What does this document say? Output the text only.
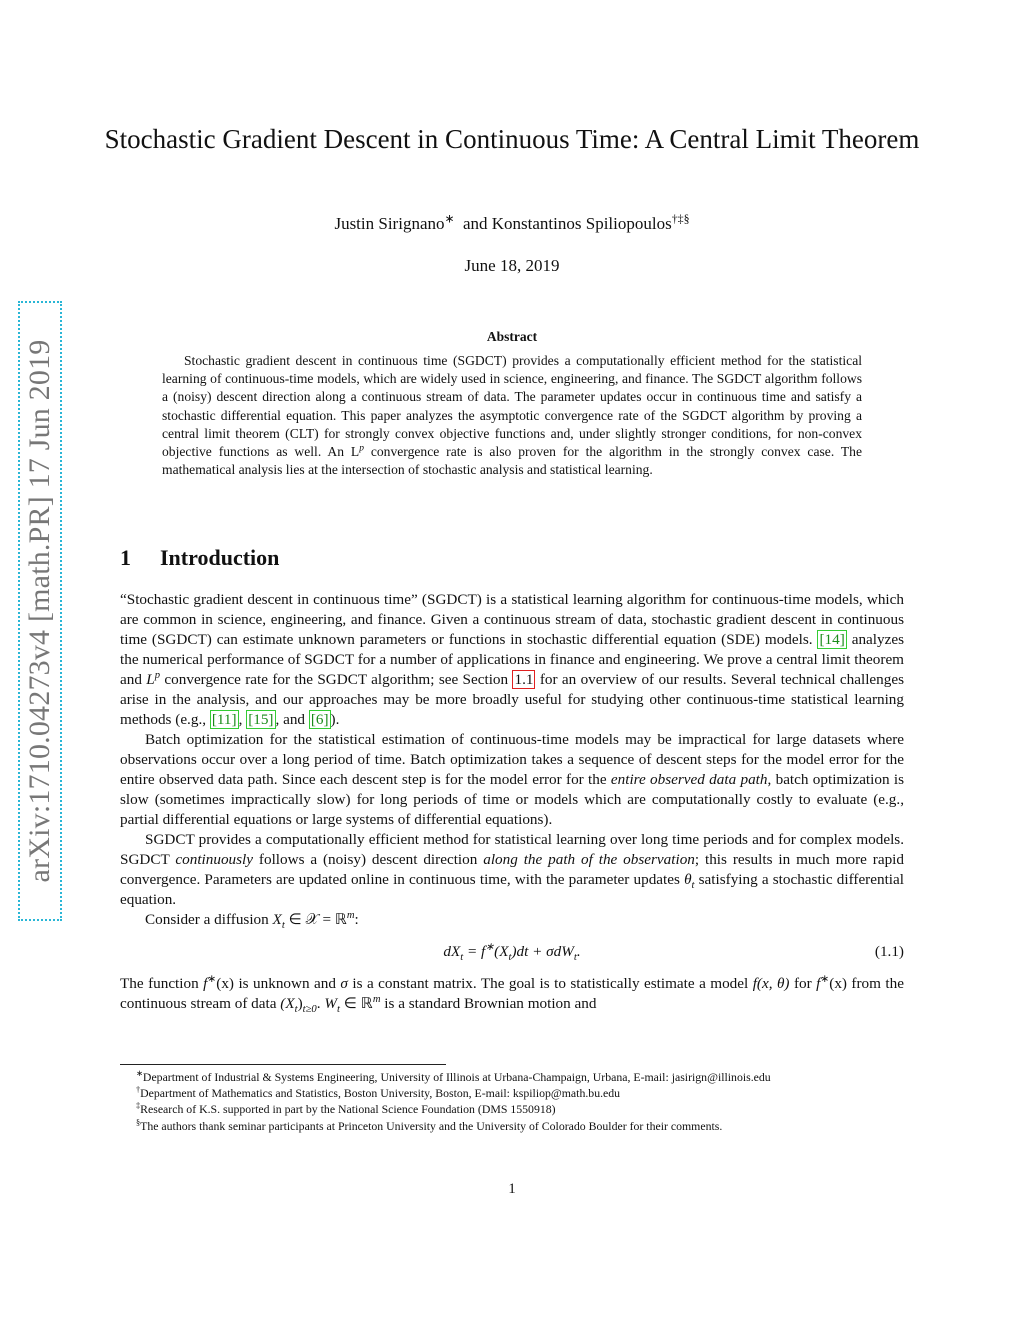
arXiv:1710.04273v4 [math.PR] 17 Jun 2019
Stochastic Gradient Descent in Continuous Time: A Central Limit Theorem
Justin Sirignano∗ and Konstantinos Spiliopoulos†‡§
June 18, 2019
Abstract
Stochastic gradient descent in continuous time (SGDCT) provides a computationally efficient method for the statistical learning of continuous-time models, which are widely used in science, engineering, and finance. The SGDCT algorithm follows a (noisy) descent direction along a continuous stream of data. The parameter updates occur in continuous time and satisfy a stochastic differential equation. This paper analyzes the asymptotic convergence rate of the SGDCT algorithm by proving a central limit theorem (CLT) for strongly convex objective functions and, under slightly stronger conditions, for non-convex objective functions as well. An $L^p$ convergence rate is also proven for the algorithm in the strongly convex case. The mathematical analysis lies at the intersection of stochastic analysis and statistical learning.
1 Introduction

“Stochastic gradient descent in continuous time” (SGDCT) is a statistical learning algorithm for continuous-time models, which are common in science, engineering, and finance. Given a continuous stream of data, stochastic gradient descent in continuous time (SGDCT) can estimate unknown parameters or functions in stochastic differential equation (SDE) models. [14] analyzes the numerical performance of SGDCT for a number of applications in finance and engineering. We prove a central limit theorem and $L^p$ convergence rate for the SGDCT algorithm; see Section 1.1 for an overview of our results. Several technical challenges arise in the analysis, and our approaches may be more broadly useful for studying other continuous-time statistical learning methods (e.g., [11] , [15] , and [6] ).

Batch optimization for the statistical estimation of continuous-time models may be impractical for large datasets where observations occur over a long period of time. Batch optimization takes a sequence of descent steps for the model error for the entire observed data path. Since each descent step is for the model error for the entire observed data path, batch optimization is slow (sometimes impractically slow) for long periods of time or models which are computationally costly to evaluate (e.g., partial differential equations or large systems of differential equations).

SGDCT provides a computationally efficient method for statistical learning over long time periods and for complex models. SGDCT continuously follows a (noisy) descent direction along the path of the observation; this results in much more rapid convergence. Parameters are updated online in continuous time, with the parameter updates $\theta_t$ satisfying a stochastic differential equation.

Consider a diffusion $X_t$ ∈ 𝒳 = ℝ$^m$:

$dX_t = f^∗(X_t)dt + \sigma dW_t$.	(1.1)

The function f∗(x) is unknown and σ is a constant matrix. The goal is to statistically estimate a model f(x, θ) for f∗(x) from the continuous stream of data $(X_t)_{t\ge 0}$. $W_t$ ∈ ℝ$^m$ is a standard Brownian motion and

∗Department of Industrial & Systems Engineering, University of Illinois at Urbana-Champaign, Urbana, E-mail: jasirign@illinois.edu

†Department of Mathematics and Statistics, Boston University, Boston, E-mail: kspiliop@math.bu.edu

‡Research of K.S. supported in part by the National Science Foundation (DMS 1550918)

§The authors thank seminar participants at Princeton University and the University of Colorado Boulder for their comments.

1
